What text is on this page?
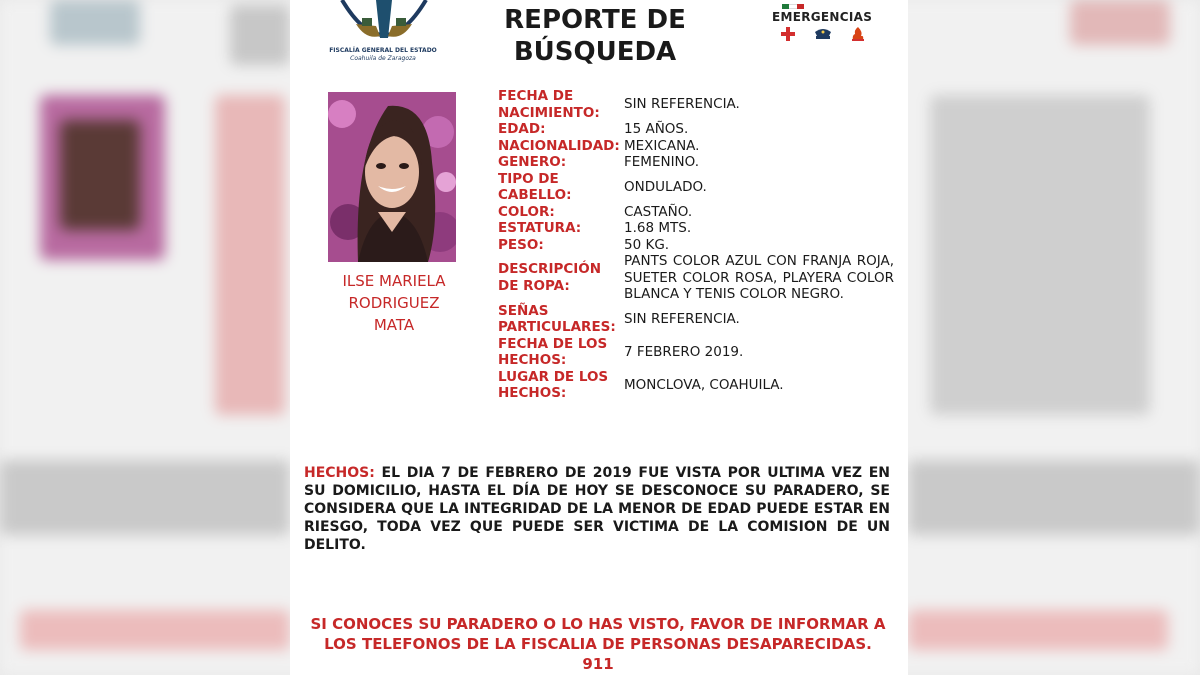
FISCALÍA GENERAL DEL ESTADO
Coahuila de Zaragoza
REPORTE DE
BÚSQUEDA
EMERGENCIAS
ILSE MARIELA
RODRIGUEZ
MATA
FECHA DE NACIMIENTO:
SIN REFERENCIA.
EDAD:	15 AÑOS.
NACIONALIDAD: MEXICANA.
GENERO:	FEMENINO.
TIPO DE CABELLO:
ONDULADO.
COLOR:	CASTAÑO.
ESTATURA:	1.68 MTS.
PESO:	50 KG.
DESCRIPCIÓN DE ROPA:
PANTS COLOR AZUL CON FRANJA ROJA, SUETER COLOR ROSA, PLAYERA COLOR BLANCA Y TENIS COLOR NEGRO.
SEÑAS PARTICULARES:
SIN REFERENCIA.
FECHA DE LOS HECHOS:
7 FEBRERO 2019.
LUGAR DE LOS HECHOS:
MONCLOVA, COAHUILA.
HECHOS: EL DIA 7 DE FEBRERO DE 2019 FUE VISTA POR ULTIMA VEZ EN SU DOMICILIO, HASTA EL DÍA DE HOY SE DESCONOCE SU PARADERO, SE CONSIDERA QUE LA INTEGRIDAD DE LA MENOR DE EDAD PUEDE ESTAR EN RIESGO, TODA VEZ QUE PUEDE SER VICTIMA DE LA COMISION DE UN DELITO.
SI CONOCES SU PARADERO O LO HAS VISTO, FAVOR DE INFORMAR A
LOS TELEFONOS DE LA FISCALIA DE PERSONAS DESAPARECIDAS.
911
